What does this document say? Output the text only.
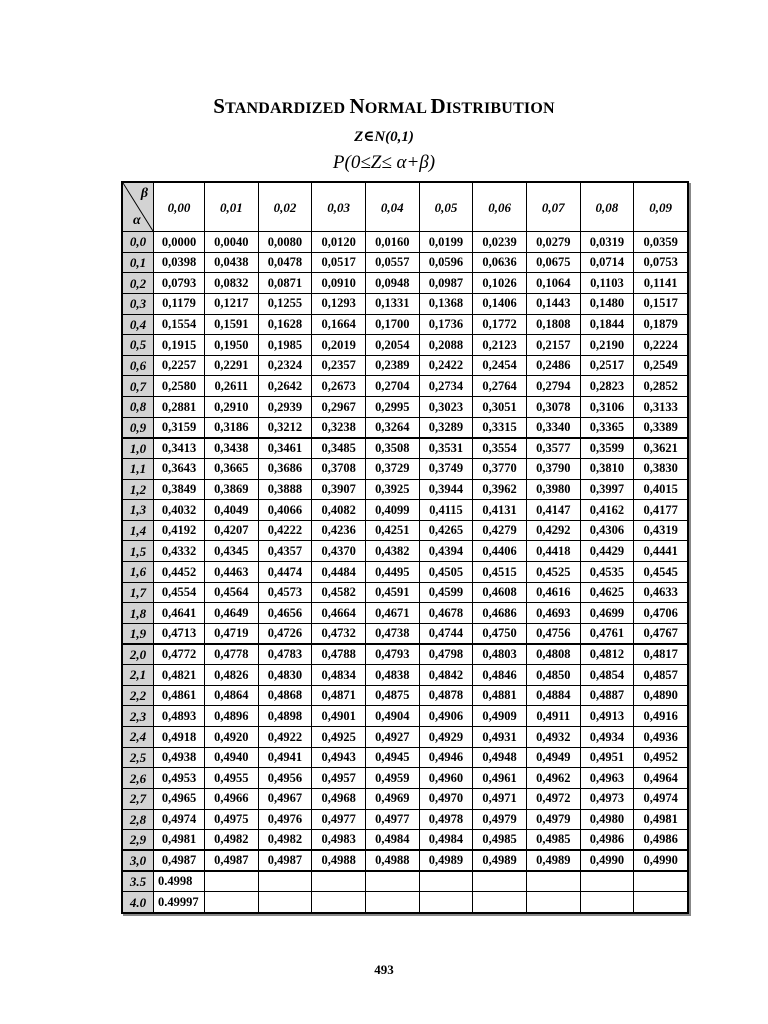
STANDARDIZED NORMAL DISTRIBUTION
Z∈N(0,1)
P(0≤Z≤ α+β)
β
α	0,00	0,01	0,02	0,03	0,04	0,05	0,06	0,07	0,08	0,09
0,0	0,0000	0,0040	0,0080	0,0120	0,0160	0,0199	0,0239	0,0279	0,0319	0,0359
0,1	0,0398	0,0438	0,0478	0,0517	0,0557	0,0596	0,0636	0,0675	0,0714	0,0753
0,2	0,0793	0,0832	0,0871	0,0910	0,0948	0,0987	0,1026	0,1064	0,1103	0,1141
0,3	0,1179	0,1217	0,1255	0,1293	0,1331	0,1368	0,1406	0,1443	0,1480	0,1517
0,4	0,1554	0,1591	0,1628	0,1664	0,1700	0,1736	0,1772	0,1808	0,1844	0,1879
0,5	0,1915	0,1950	0,1985	0,2019	0,2054	0,2088	0,2123	0,2157	0,2190	0,2224
0,6	0,2257	0,2291	0,2324	0,2357	0,2389	0,2422	0,2454	0,2486	0,2517	0,2549
0,7	0,2580	0,2611	0,2642	0,2673	0,2704	0,2734	0,2764	0,2794	0,2823	0,2852
0,8	0,2881	0,2910	0,2939	0,2967	0,2995	0,3023	0,3051	0,3078	0,3106	0,3133
0,9	0,3159	0,3186	0,3212	0,3238	0,3264	0,3289	0,3315	0,3340	0,3365	0,3389
1,0	0,3413	0,3438	0,3461	0,3485	0,3508	0,3531	0,3554	0,3577	0,3599	0,3621
1,1	0,3643	0,3665	0,3686	0,3708	0,3729	0,3749	0,3770	0,3790	0,3810	0,3830
1,2	0,3849	0,3869	0,3888	0,3907	0,3925	0,3944	0,3962	0,3980	0,3997	0,4015
1,3	0,4032	0,4049	0,4066	0,4082	0,4099	0,4115	0,4131	0,4147	0,4162	0,4177
1,4	0,4192	0,4207	0,4222	0,4236	0,4251	0,4265	0,4279	0,4292	0,4306	0,4319
1,5	0,4332	0,4345	0,4357	0,4370	0,4382	0,4394	0,4406	0,4418	0,4429	0,4441
1,6	0,4452	0,4463	0,4474	0,4484	0,4495	0,4505	0,4515	0,4525	0,4535	0,4545
1,7	0,4554	0,4564	0,4573	0,4582	0,4591	0,4599	0,4608	0,4616	0,4625	0,4633
1,8	0,4641	0,4649	0,4656	0,4664	0,4671	0,4678	0,4686	0,4693	0,4699	0,4706
1,9	0,4713	0,4719	0,4726	0,4732	0,4738	0,4744	0,4750	0,4756	0,4761	0,4767
2,0	0,4772	0,4778	0,4783	0,4788	0,4793	0,4798	0,4803	0,4808	0,4812	0,4817
2,1	0,4821	0,4826	0,4830	0,4834	0,4838	0,4842	0,4846	0,4850	0,4854	0,4857
2,2	0,4861	0,4864	0,4868	0,4871	0,4875	0,4878	0,4881	0,4884	0,4887	0,4890
2,3	0,4893	0,4896	0,4898	0,4901	0,4904	0,4906	0,4909	0,4911	0,4913	0,4916
2,4	0,4918	0,4920	0,4922	0,4925	0,4927	0,4929	0,4931	0,4932	0,4934	0,4936
2,5	0,4938	0,4940	0,4941	0,4943	0,4945	0,4946	0,4948	0,4949	0,4951	0,4952
2,6	0,4953	0,4955	0,4956	0,4957	0,4959	0,4960	0,4961	0,4962	0,4963	0,4964
2,7	0,4965	0,4966	0,4967	0,4968	0,4969	0,4970	0,4971	0,4972	0,4973	0,4974
2,8	0,4974	0,4975	0,4976	0,4977	0,4977	0,4978	0,4979	0,4979	0,4980	0,4981
2,9	0,4981	0,4982	0,4982	0,4983	0,4984	0,4984	0,4985	0,4985	0,4986	0,4986
3,0	0,4987	0,4987	0,4987	0,4988	0,4988	0,4989	0,4989	0,4989	0,4990	0,4990
3.5	0.4998									
4.0	0.49997									
493
